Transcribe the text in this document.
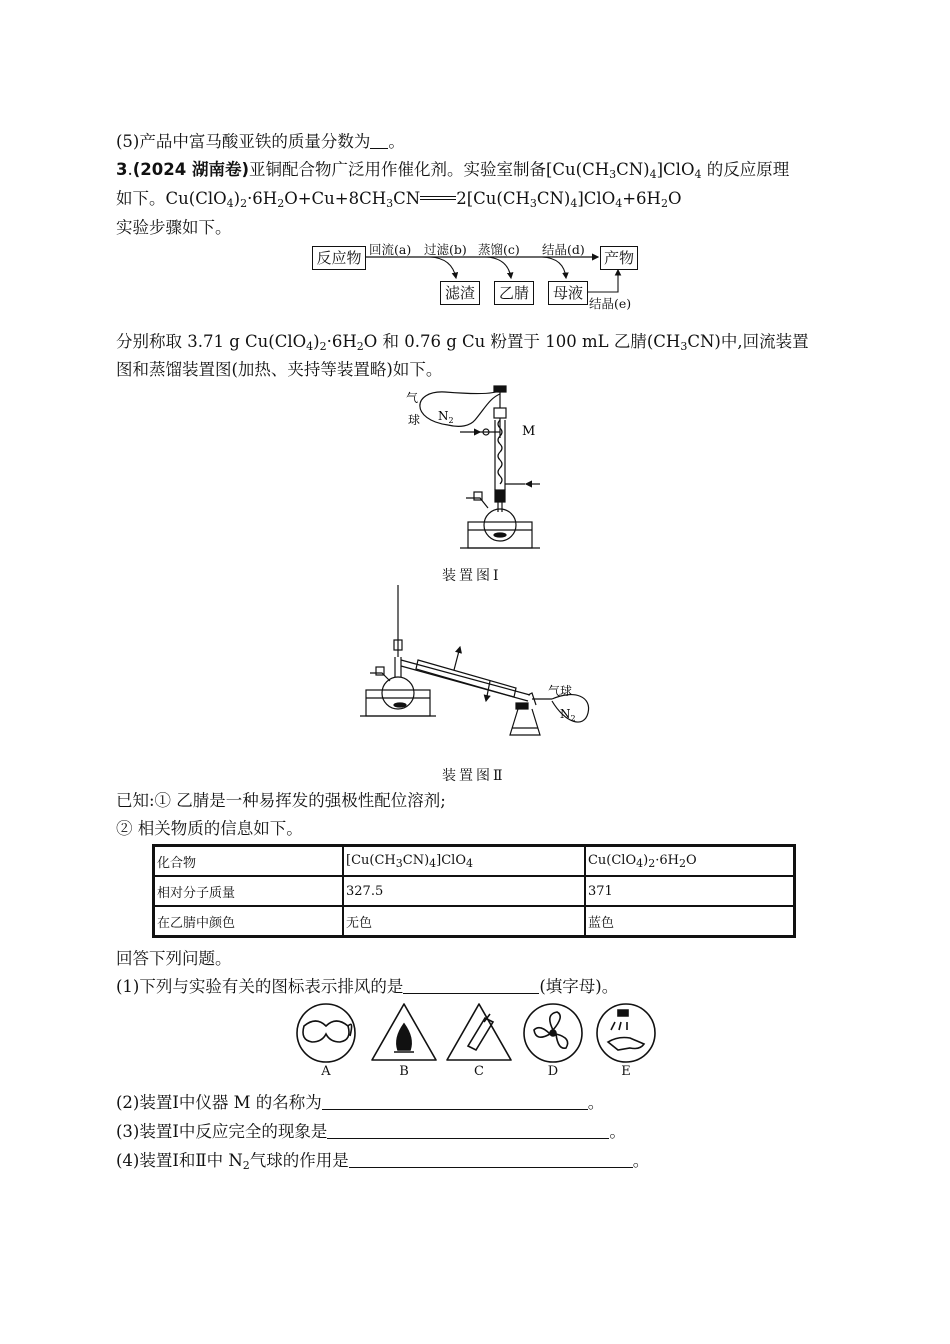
(5)产品中富马酸亚铁的质量分数为 。
3.(2024 湖南卷)亚铜配合物广泛用作催化剂。实验室制备$[Cu(CH_3CN)_4]ClO_4$ 的反应原理
如下。$Cu(ClO_4)_2\cdot 6H_2O+Cu+8CH_3CN$ $2[Cu(CH_3CN)_4]ClO_4+6H_2O$
实验步骤如下。
反应物	产物
滤渣	乙腈	母液
回流(a) 过滤(b) 蒸馏(c) 结晶(d)
结晶(e)
分别称取 3.71 g $Cu(ClO_4)_2\cdot 6H_2O$ 和 0.76 g Cu 粉置于 100 mL 乙腈$(CH_3CN)$中,回流装置
图和蒸馏装置图(加热、夹持等装置略)如下。
$N_2$
气
球
M
装置图Ⅰ
气球
$N_2$
装置图Ⅱ
已知:① 乙腈是一种易挥发的强极性配位溶剂;
② 相关物质的信息如下。
化合物	$[Cu(CH_3CN)_4]ClO_4$	$Cu(ClO_4)_2\cdot 6H_2O$
相对分子质量	327.5	371
在乙腈中颜色	无色	蓝色
回答下列问题。
(1)下列与实验有关的图标表示排风的是	(填字母)。
A	B	C	D	E
(2)装置Ⅰ中仪器 M 的名称为	。
(3)装置Ⅰ中反应完全的现象是	。
(4)装置Ⅰ和Ⅱ中 $N_2$气球的作用是	。
